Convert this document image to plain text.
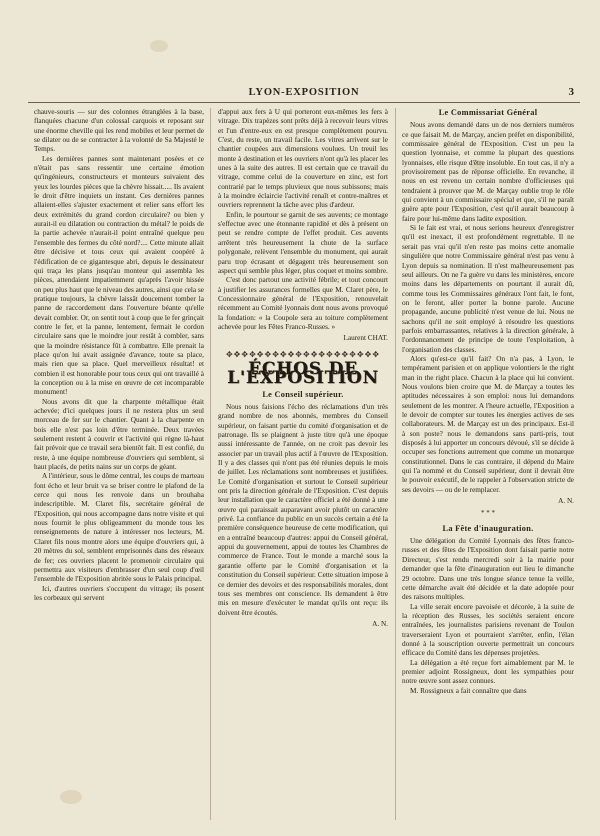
LYON-EXPOSITION	3

chauve-souris — sur des colonnes étranglées à la base, flanquées chacune d'un colossal carquois et reposant sur une énorme cheville qui les rend mobiles et leur permet de se dilater ou de se contracter à la volonté de Sa Majesté le Temps.

Les dernières pannes sont maintenant posées et ce n'était pas sans ressentir une certaine émotion qu'ingénieurs, constructeurs et monteurs suivaient des yeux les lourdes pièces que la chèvre hissait..... Ils avaient le droit d'être inquiets un instant. Ces dernières pannes allaient-elles s'ajuster exactement et relier sans effort les deux extrémités du grand cordon circulaire? ou bien y aurait-il eu dilatation ou contraction du métal? le poids de la partie achevée n'aurait-il point entraîné quelque peu l'ensemble des fermes du côté nord?.... Cette minute allait être décisive et tous ceux qui avaient coopéré à l'édification de ce gigantesque abri, depuis le dessinateur qui traça les plans jusqu'au monteur qui assembla les pièces, attendaient impatiemment qu'après l'avoir hissée on peu plus haut que le niveau des autres, ainsi que cela se pratique toujours, la chèvre laissât doucement tomber la panne de raccordement dans l'ouverture béante qu'elle devait combler. Or, on sentit tout à coup que le fer grinçait contre le fer, et la panne, lentement, fermait le cordon circulaire sans que le moindre jour restât à combler, sans que la moindre résistance fût à combattre. Elle prenait la place qu'on lui avait assignée d'avance, toute sa place, mais rien que sa place. Quel merveilleux résultat! et combien il est honorable pour tous ceux qui ont travaillé à la conception ou à la mise en œuvre de cet incomparable monument!

Nous avons dit que la charpente métallique était achevée; d'ici quelques jours il ne restera plus un seul morceau de fer sur le chantier. Quant à la charpente en bois elle n'est pas loin d'être terminée. Deux travées seulement restent à couvrir et l'activité qui règne là-haut fait prévoir que ce travail sera bientôt fait. Il est confié, du reste, à une équipe nombreuse d'ouvriers qui semblent, si haut placés, de petits nains sur un corps de géant.

A l'intérieur, sous le dôme central, les coups de marteau font écho et leur bruit va se briser contre le plafond de la cerce qui nous les renvoie dans un brouhaha indescriptible. M. Claret fils, secrétaire général de l'Exposition, qui nous accompagne dans notre visite et qui nous fournit le plus obligeamment du monde tous les renseignements de nature à intéresser nos lecteurs, M. Claret fils nous montre alors une équipe d'ouvriers qui, à 20 mètres du sol, semblent emprisonnés dans des réseaux de fer; ces ouvriers placent le promenoir circulaire qui permettra aux visiteurs d'embrasser d'un seul coup d'œil l'ensemble de l'Exposition abritée sous le Palais principal.

Ici, d'autres ouvriers s'occupent du vitrage; ils posent les corbeaux qui servent

d'appui aux fers à U qui porteront eux-mêmes les fers à vitrage. Dix trapèzes sont prêts déjà à recevoir leurs vitres et l'un d'entre-eux en est presque complètement pourvu. C'est, du reste, un travail facile. Les vitres arrivent sur le chantier coupées aux dimensions voulues. Un treuil les monte à destination et les ouvriers n'ont qu'à les placer les unes à la suite des autres. Il est certain que ce travail du vitrage, comme celui de la couverture en zinc, est fort contrarié par le temps pluvieux que nous subissons; mais à la moindre éclaircie l'activité renaît et contre-maîtres et ouvriers reprennent la tâche avec plus d'ardeur.

Enfin, le pourtour se garnit de ses auvents; ce montage s'effectue avec une étonnante rapidité et dès à présent on peut se rendre compte de l'effet produit. Ces auvents arrêtent très heureusement la chute de la surface polygonale, relèvent l'ensemble du monument, qui aurait paru trop écrasant et dégagent très heureusement son aspect qui semble plus léger, plus coquet et moins sombre.

C'est donc partout une activité fébrile; et tout concourt à justifier les assurances formelles que M. Claret père, le Concessionnaire général de l'Exposition, renouvelait récemment au Comité lyonnais dont nous avons provoqué la fondation: « la Coupole sera au toiture complètement achevée pour les Fêtes Franco-Russes. »

Laurent CHAT.

✥✥✥✥✥✥✥✥✥✥✥✥✥✥✥✥✥✥✥✥
ÉCHOS DE L'EXPOSITION
Le Conseil supérieur.

Nous nous faisions l'écho des réclamations d'un très grand nombre de nos abonnés, membres du Conseil supérieur, on faisant partie du comité d'organisation et de patronage. Ils se plaignent à juste titre qu'à une époque aussi intéressante de l'année, on ne croit pas devoir les associer par un travail plus actif à l'œuvre de l'Exposition. Il y a des classes qui n'ont pas été réunies depuis le mois de juillet. Les réclamations sont nombreuses et justifiées. Le Comité d'organisation et surtout le Conseil supérieur ont pris la direction générale de l'Exposition. C'est depuis leur installation que le caractère officiel a été donné à une œuvre qui paraissait auparavant avoir plutôt un caractère privé. La confiance du public en un succès certain a été la première conséquence heureuse de cette modification, qui en a entraîné beaucoup d'autres: appui du Conseil général, appui du gouvernement, appui de toutes les Chambres de commerce de France. Tout le monde a marché sous la garantie offerte par le Comité d'organisation et la constitution du Conseil supérieur. Cette situation impose à ce dernier des devoirs et des responsabilités morales, dont tous ses membres ont conscience. Ils demandent à être mis en mesure d'exécuter le mandat qu'ils ont reçu: ils doivent être écoutés.

A. N.

Le Commissariat Général

Nous avons demandé dans un de nos derniers numéros ce que faisait M. de Marçay, ancien préfet en disponibilité, commissaire général de l'Exposition. C'est un peu la question lyonnaise, et comme la plupart des questions lyonnaises, elle risque d'être insoluble. En tout cas, il n'y a provisoirement pas de réponse officielle. En revanche, il nous en est revenu un certain nombre d'officieuses qui tendraient à prouver que M. de Marçay oublie trop le rôle qui convient à un commissaire spécial et que, s'il ne paraît guère apte pour l'Exposition, c'est qu'il aurait beaucoup à faire pour lui-même dans ladite exposition.

Si le fait est vrai, et nous serions heureux d'enregistrer qu'il est inexact, il est profondément regrettable. Il ne serait pas vrai qu'il n'en reste pas moins cette anomalie singulière que notre Commissaire général n'est pas venu à Lyon depuis sa nomination. Il n'est malheureusement pas seul ailleurs. On ne l'a guère vu dans les ministères, encore moins dans les départements on pourtant il aurait dû, comme tous les Commissaires généraux l'ont fait, le font, on le feront, aller porter la bonne parole. Aucune propagande, aucune publicité n'est venue de lui. Nous ne sachons qu'il ne soit employé à résoudre les questions parfois embarrassantes, relatives à la direction générale, à l'ordonnancement de principe de toute l'exploitation, à l'organisation des classes.

Alors qu'est-ce qu'il fait? On n'a pas, à Lyon, le tempérament parisien et on applique volontiers le the right man in the right place. Chacun à la place qui lui convient. Nous voulons bien croire que M. de Marçay a toutes les aptitudes nécessaires à son emploi: nous lui demandons seulement de les montrer. A l'heure actuelle, l'Exposition a le devoir de compter sur toutes les énergies actives de ses collaborateurs. M. de Marçay est un des principaux. Est-il à son poste? nous le demandons sans parti-pris, tout disposés à lui apporter un concours dévoué, s'il se décide à occuper ses fonctions autrement que comme un monarque constitutionnel. Dans le cas contraire, il dépend du Maire qui l'a nommé et du Conseil supérieur, dont il devrait être le pouvoir exécutif, de le rappeler à l'observation stricte de ses devoirs — ou de le remplacer.

A. N.

* * *
La Fête d'inauguration.

Une délégation du Comité Lyonnais des fêtes franco-russes et des fêtes de l'Exposition dont faisait partie notre Directeur, s'est rendu mercredi soir à la mairie pour demander que la fête d'inauguration eut lieu le dimanche 29 octobre. Dans une très longue séance tenue la veille, cette démarche avait été décidée et la date adoptée pour des raisons multiples.

La ville serait encore pavoisée et décorée, à la suite de la réception des Russes, les sociétés seraient encore entraînées, les journalistes parisiens revenant de Toulon traverseraient Lyon et pourraient s'arrêter, enfin, l'élan donné à la souscription ouverte permettrait un concours efficace du Comité dans les dépenses projetées.

La délégation a été reçue fort aimablement par M. le premier adjoint Rossigneux, dont les sympathies pour notre œuvre sont assez connues.

M. Rossigneux a fait connaître que dans
